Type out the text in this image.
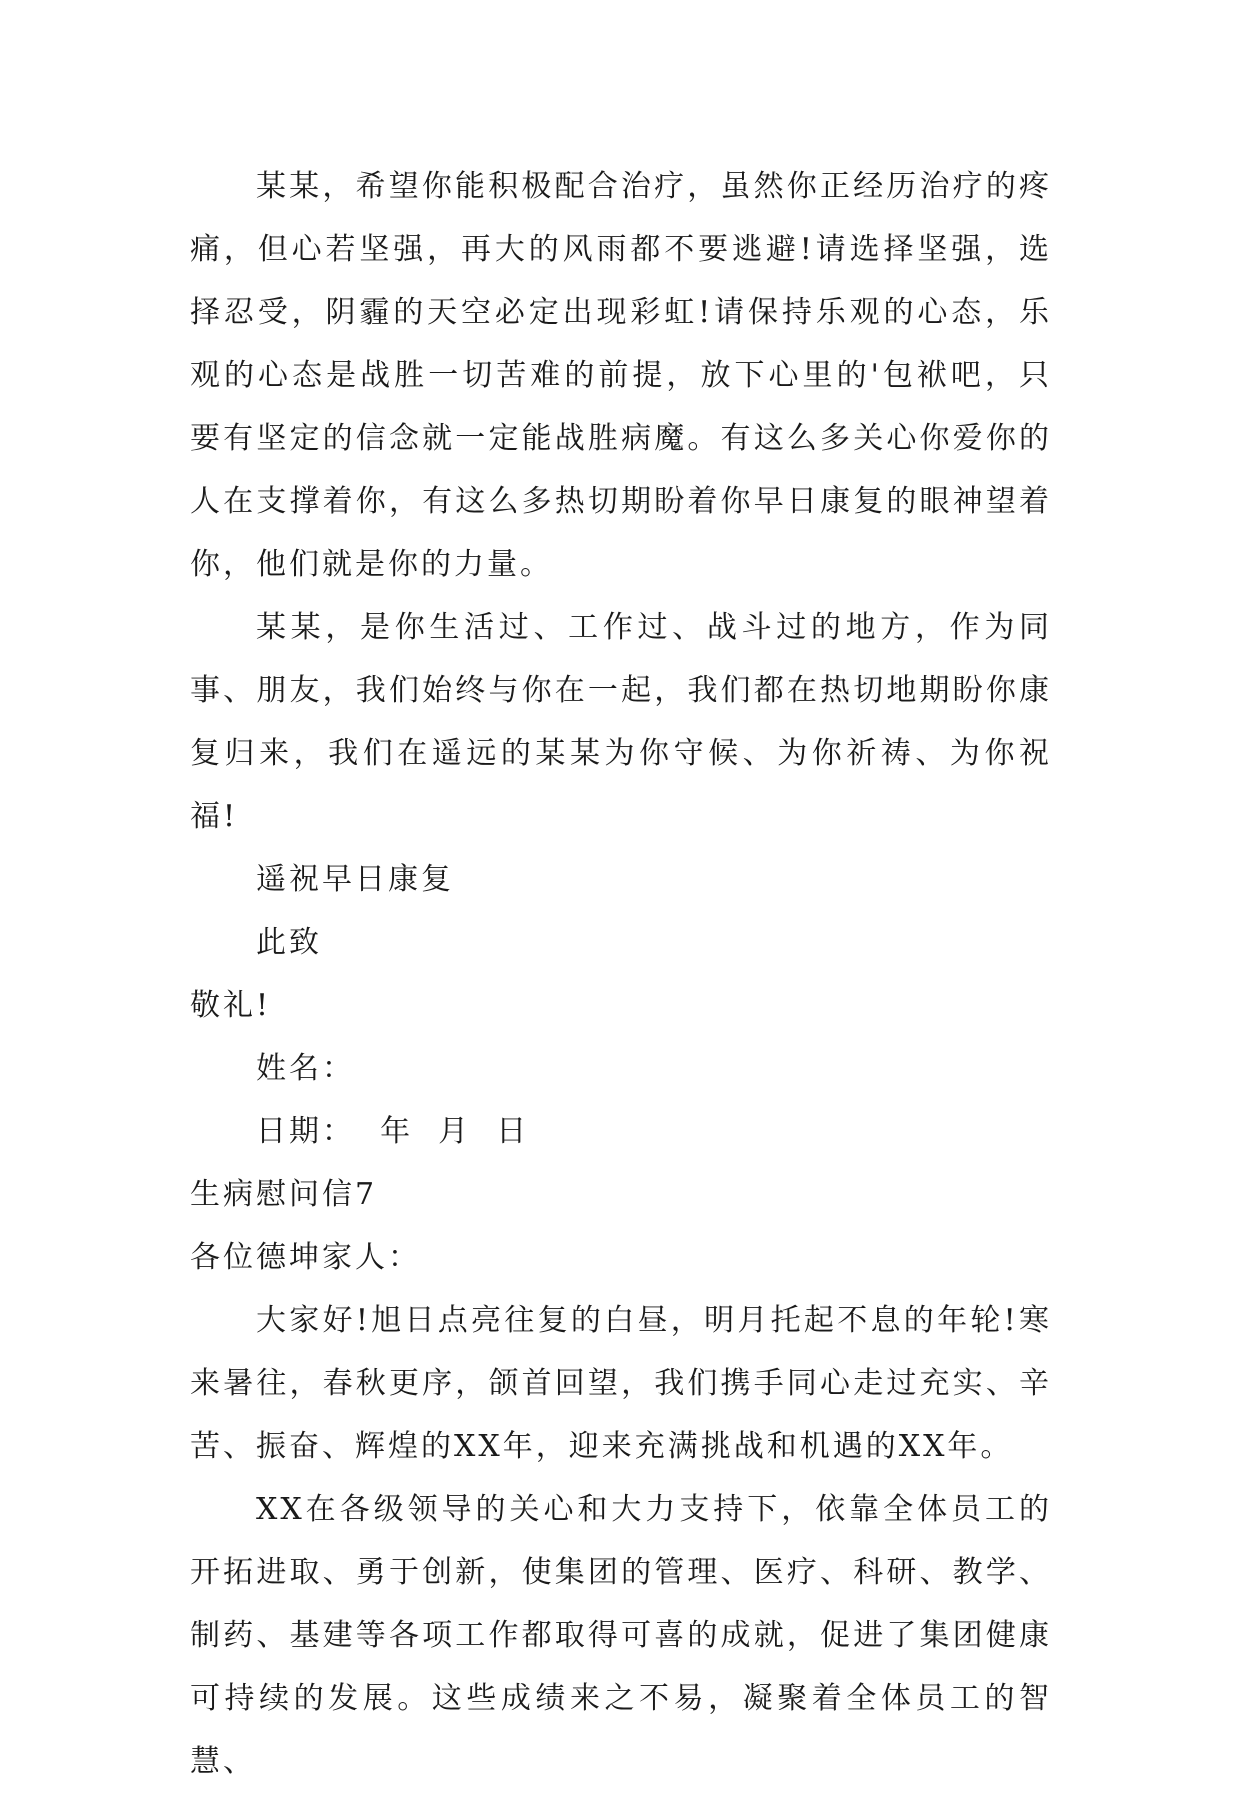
某某，希望你能积极配合治疗，虽然你正经历治疗的疼痛，但心若坚强，再大的风雨都不要逃避!请选择坚强，选择忍受，阴霾的天空必定出现彩虹!请保持乐观的心态，乐观的心态是战胜一切苦难的前提，放下心里的'包袱吧，只要有坚定的信念就一定能战胜病魔。有这么多关心你爱你的人在支撑着你，有这么多热切期盼着你早日康复的眼神望着你，他们就是你的力量。

某某，是你生活过、工作过、战斗过的地方，作为同事、朋友，我们始终与你在一起，我们都在热切地期盼你康复归来，我们在遥远的某某为你守候、为你祈祷、为你祝福!

遥祝早日康复

此致

敬礼!

姓名：

日期：  年  月  日

生病慰问信7

各位德坤家人：

大家好!旭日点亮往复的白昼，明月托起不息的年轮!寒来暑往，春秋更序，颌首回望，我们携手同心走过充实、辛苦、振奋、辉煌的XX年，迎来充满挑战和机遇的XX年。

XX在各级领导的关心和大力支持下，依靠全体员工的开拓进取、勇于创新，使集团的管理、医疗、科研、教学、制药、基建等各项工作都取得可喜的成就，促进了集团健康可持续的发展。这些成绩来之不易，凝聚着全体员工的智慧、
